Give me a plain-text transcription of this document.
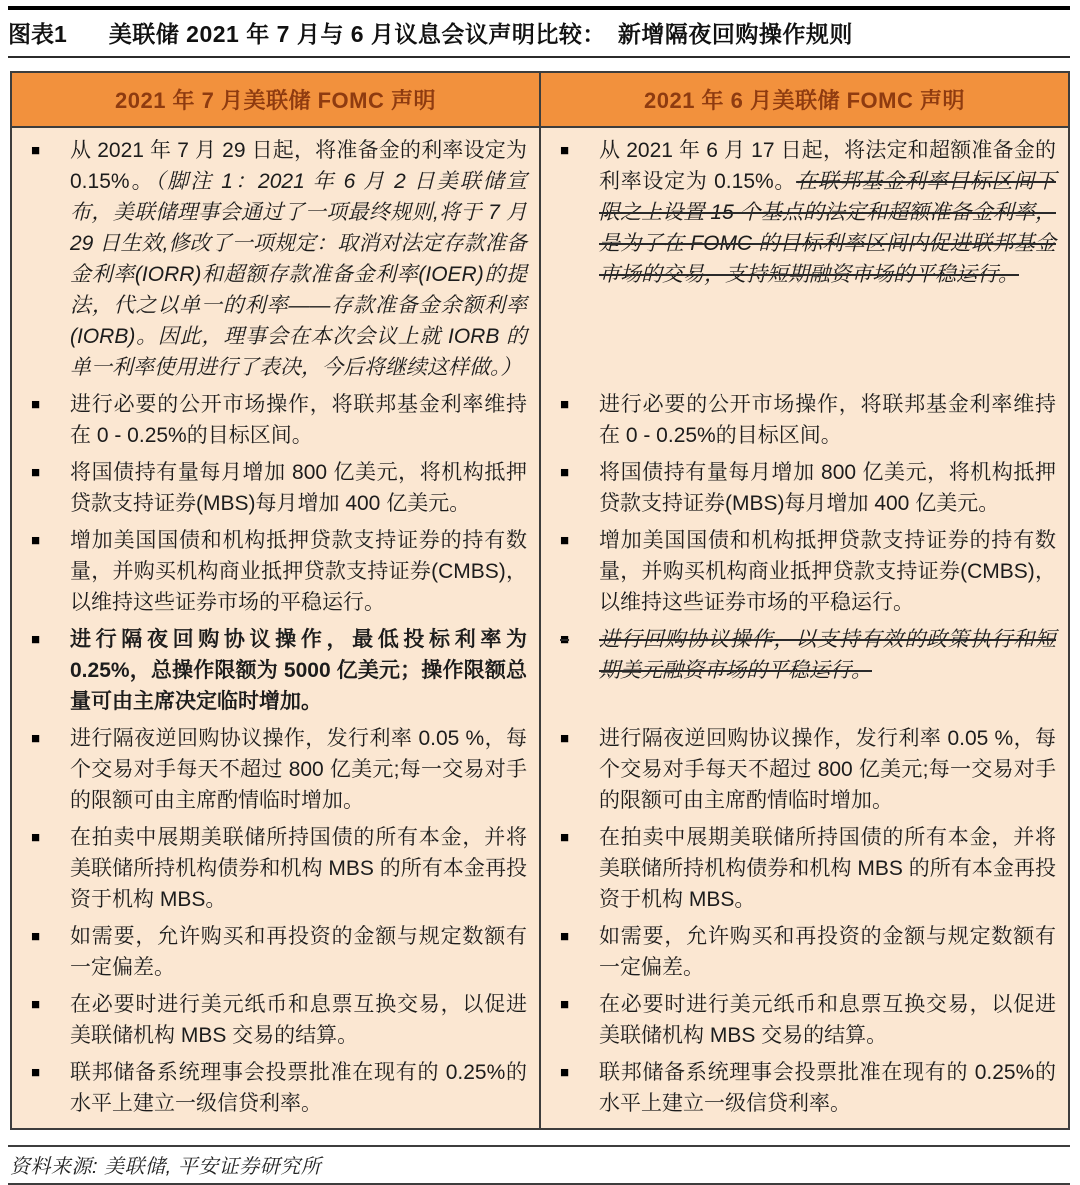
图表1 美联储 2021 年 7 月与 6 月议息会议声明比较：　新增隔夜回购操作规则
2021 年 7 月美联储 FOMC 声明	2021 年 6 月美联储 FOMC 声明

■ 从 2021 年 7 月 29 日起，将准备金的利率设定为 0.15%。（脚注 1：2021 年 6 月 2 日美联储宣布，美联储理事会通过了一项最终规则,将于 7 月 29 日生效,修改了一项规定：取消对法定存款准备金利率(IORR)和超额存款准备金利率(IOER)的提法，代之以单一的利率——存款准备金余额利率(IORB)。因此，理事会在本次会议上就 IORB 的单一利率使用进行了表决，今后将继续这样做。）	■ 从 2021 年 6 月 17 日起，将法定和超额准备金的利率设定为 0.15%。在联邦基金利率目标区间下限之上设置 15 个基点的法定和超额准备金利率，是为了在 FOMC 的目标利率区间内促进联邦基金市场的交易，支持短期融资市场的平稳运行。

■ 进行必要的公开市场操作，将联邦基金利率维持在 0 - 0.25%的目标区间。	■ 进行必要的公开市场操作，将联邦基金利率维持在 0 - 0.25%的目标区间。

■ 将国债持有量每月增加 800 亿美元，将机构抵押贷款支持证券(MBS)每月增加 400 亿美元。	■ 将国债持有量每月增加 800 亿美元，将机构抵押贷款支持证券(MBS)每月增加 400 亿美元。

■ 增加美国国债和机构抵押贷款支持证券的持有数量，并购买机构商业抵押贷款支持证券(CMBS)，以维持这些证券市场的平稳运行。	■ 增加美国国债和机构抵押贷款支持证券的持有数量，并购买机构商业抵押贷款支持证券(CMBS)，以维持这些证券市场的平稳运行。

■ 进行隔夜回购协议操作，最低投标利率为 0.25%，总操作限额为 5000 亿美元；操作限额总量可由主席决定临时增加。	■ 进行回购协议操作，以支持有效的政策执行和短期美元融资市场的平稳运行。

■ 进行隔夜逆回购协议操作，发行利率 0.05 %，每个交易对手每天不超过 800 亿美元;每一交易对手的限额可由主席酌情临时增加。	■ 进行隔夜逆回购协议操作，发行利率 0.05 %，每个交易对手每天不超过 800 亿美元;每一交易对手的限额可由主席酌情临时增加。

■ 在拍卖中展期美联储所持国债的所有本金，并将美联储所持机构债券和机构 MBS 的所有本金再投资于机构 MBS。	■ 在拍卖中展期美联储所持国债的所有本金，并将美联储所持机构债券和机构 MBS 的所有本金再投资于机构 MBS。

■ 如需要，允许购买和再投资的金额与规定数额有一定偏差。	■ 如需要，允许购买和再投资的金额与规定数额有一定偏差。

■ 在必要时进行美元纸币和息票互换交易，以促进美联储机构 MBS 交易的结算。	■ 在必要时进行美元纸币和息票互换交易，以促进美联储机构 MBS 交易的结算。

■ 联邦储备系统理事会投票批准在现有的 0.25%的水平上建立一级信贷利率。	■ 联邦储备系统理事会投票批准在现有的 0.25%的水平上建立一级信贷利率。
资料来源: 美联储, 平安证券研究所
